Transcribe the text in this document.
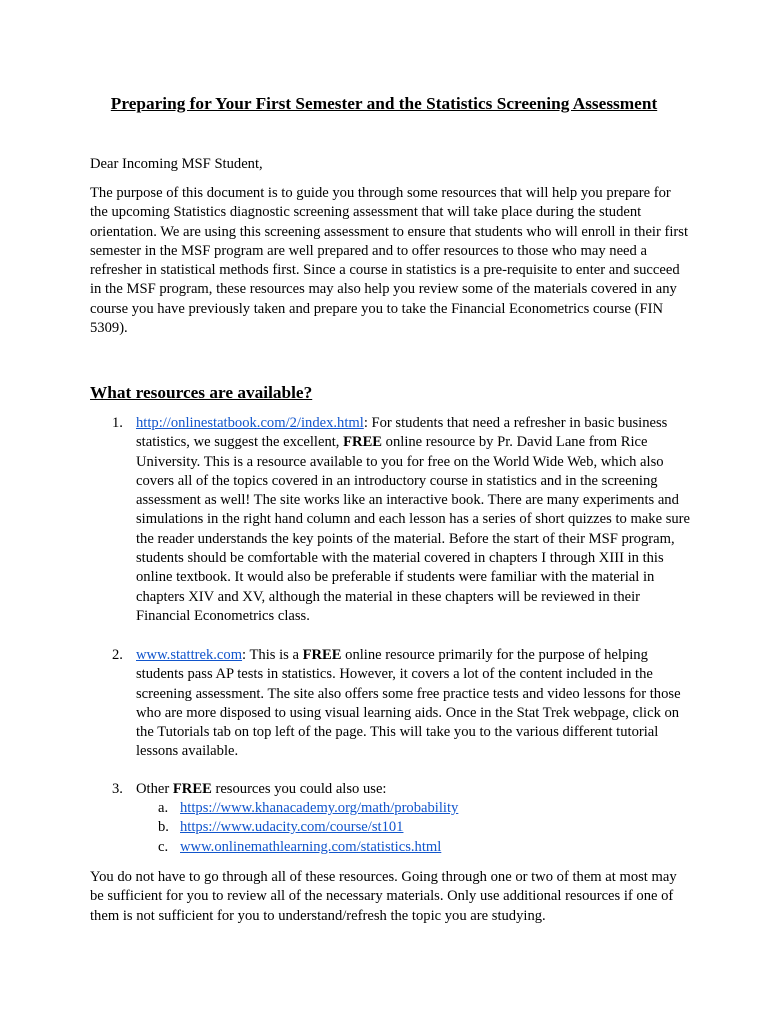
Preparing for Your First Semester and the Statistics Screening Assessment
Dear Incoming MSF Student,
The purpose of this document is to guide you through some resources that will help you prepare for the upcoming Statistics diagnostic screening assessment that will take place during the student orientation. We are using this screening assessment to ensure that students who will enroll in their first semester in the MSF program are well prepared and to offer resources to those who may need a refresher in statistical methods first. Since a course in statistics is a pre-requisite to enter and succeed in the MSF program, these resources may also help you review some of the materials covered in any course you have previously taken and prepare you to take the Financial Econometrics course (FIN 5309).
What resources are available?
1. http://onlinestatbook.com/2/index.html: For students that need a refresher in basic business statistics, we suggest the excellent, FREE online resource by Pr. David Lane from Rice University. This is a resource available to you for free on the World Wide Web, which also covers all of the topics covered in an introductory course in statistics and in the screening assessment as well! The site works like an interactive book. There are many experiments and simulations in the right hand column and each lesson has a series of short quizzes to make sure the reader understands the key points of the material. Before the start of their MSF program, students should be comfortable with the material covered in chapters I through XIII in this online textbook. It would also be preferable if students were familiar with the material in chapters XIV and XV, although the material in these chapters will be reviewed in their Financial Econometrics class.
2. www.stattrek.com: This is a FREE online resource primarily for the purpose of helping students pass AP tests in statistics. However, it covers a lot of the content included in the screening assessment. The site also offers some free practice tests and video lessons for those who are more disposed to using visual learning aids. Once in the Stat Trek webpage, click on the Tutorials tab on top left of the page. This will take you to the various different tutorial lessons available.
3. Other FREE resources you could also use:
a. https://www.khanacademy.org/math/probability
b. https://www.udacity.com/course/st101
c. www.onlinemathlearning.com/statistics.html
You do not have to go through all of these resources. Going through one or two of them at most may be sufficient for you to review all of the necessary materials. Only use additional resources if one of them is not sufficient for you to understand/refresh the topic you are studying.
